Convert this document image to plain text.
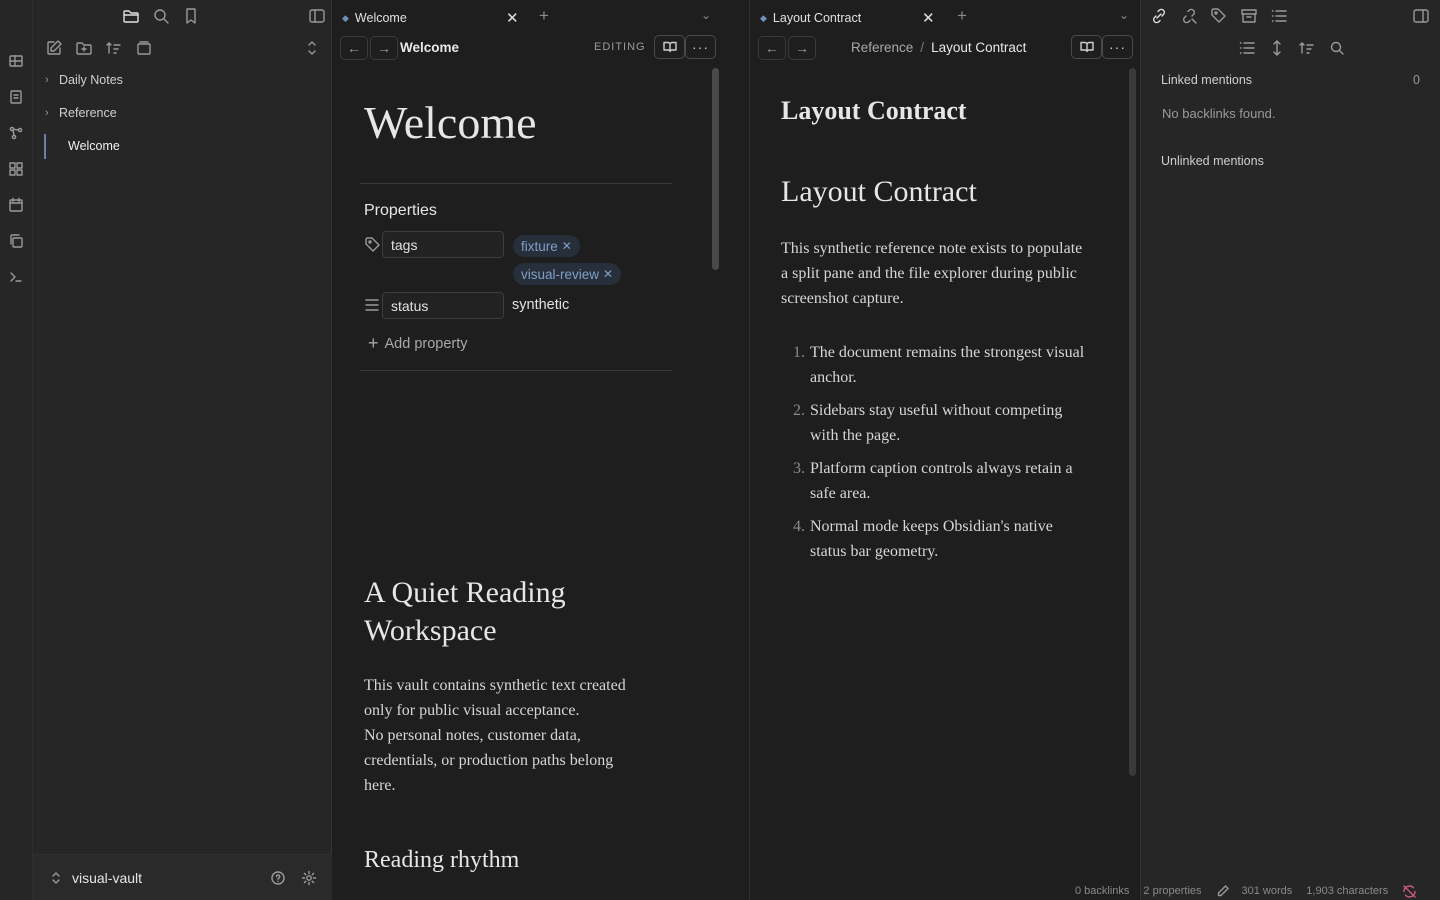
› Daily Notes
› Reference
Welcome
visual-vault
◆ Welcome	✕ +	⌄
←	→ Welcome	EDITING	···
Welcome
Properties
tags	fixture ✕
visual-review ✕
status	synthetic
+ Add property
A Quiet Reading Workspace
This vault contains synthetic text created
only for public visual acceptance.
No personal notes, customer data,
credentials, or production paths belong
here.
Reading rhythm
◆ Layout Contract	✕ +	⌄
←	→	Reference / Layout Contract	···
Layout Contract
Layout Contract

This synthetic reference note exists to populate a split pane and the file explorer during public screenshot capture.

1. The document remains the strongest visual anchor.
2. Sidebars stay useful without competing with the page.
3. Platform caption controls always retain a safe area.
4. Normal mode keeps Obsidian's native status bar geometry.
Linked mentions	0
No backlinks found.
Unlinked mentions
0 backlinks 2 properties	301 words 1,903 characters
